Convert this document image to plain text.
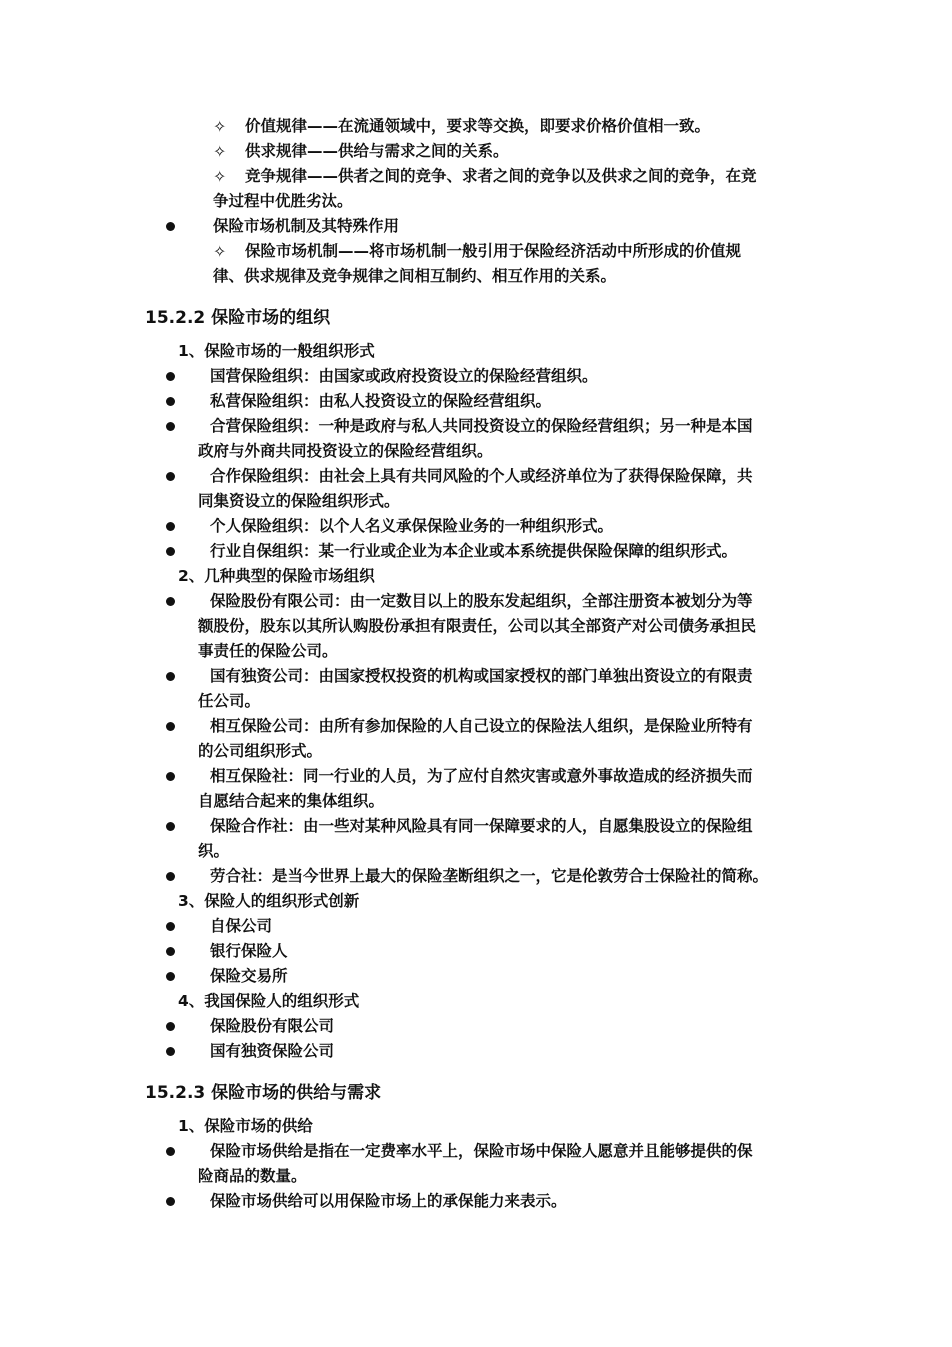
✧ 价值规律——在流通领域中，要求等交换，即要求价格价值相一致。
✧ 供求规律——供给与需求之间的关系。
✧ 竞争规律——供者之间的竞争、求者之间的竞争以及供求之间的竞争，在竞
争过程中优胜劣汰。
保险市场机制及其特殊作用
✧ 保险市场机制——将市场机制一般引用于保险经济活动中所形成的价值规
律、供求规律及竞争规律之间相互制约、相互作用的关系。
15.2.2 保险市场的组织
1、保险市场的一般组织形式
国营保险组织：由国家或政府投资设立的保险经营组织。
私营保险组织：由私人投资设立的保险经营组织。
合营保险组织：一种是政府与私人共同投资设立的保险经营组织；另一种是本国
政府与外商共同投资设立的保险经营组织。
合作保险组织：由社会上具有共同风险的个人或经济单位为了获得保险保障，共
同集资设立的保险组织形式。
个人保险组织：以个人名义承保保险业务的一种组织形式。
行业自保组织：某一行业或企业为本企业或本系统提供保险保障的组织形式。
2、几种典型的保险市场组织
保险股份有限公司：由一定数目以上的股东发起组织，全部注册资本被划分为等
额股份，股东以其所认购股份承担有限责任，公司以其全部资产对公司债务承担民
事责任的保险公司。
国有独资公司：由国家授权投资的机构或国家授权的部门单独出资设立的有限责
任公司。
相互保险公司：由所有参加保险的人自己设立的保险法人组织，是保险业所特有
的公司组织形式。
相互保险社：同一行业的人员，为了应付自然灾害或意外事故造成的经济损失而
自愿结合起来的集体组织。
保险合作社：由一些对某种风险具有同一保障要求的人，自愿集股设立的保险组
织。
劳合社：是当今世界上最大的保险垄断组织之一，它是伦敦劳合士保险社的简称。
3、保险人的组织形式创新
自保公司
银行保险人
保险交易所
4、我国保险人的组织形式
保险股份有限公司
国有独资保险公司
15.2.3 保险市场的供给与需求
1、保险市场的供给
保险市场供给是指在一定费率水平上，保险市场中保险人愿意并且能够提供的保
险商品的数量。
保险市场供给可以用保险市场上的承保能力来表示。
